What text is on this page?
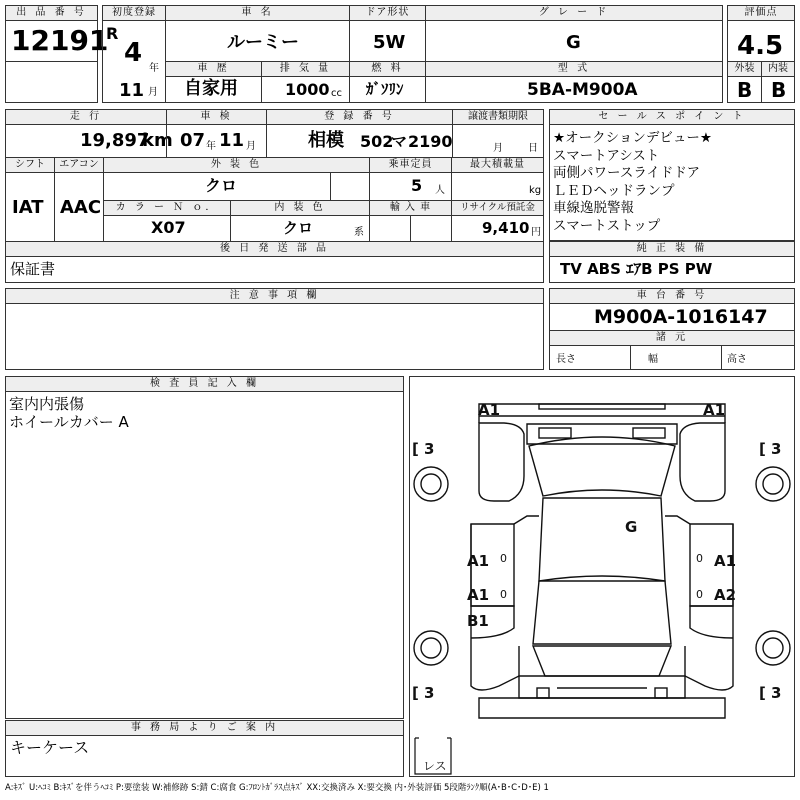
出 品 番 号
12191
初度登録
R
4
年
11 月
車 名
ルーミー
ドア形状
5W
グ レ ー ド
G
評価点
4.5
車 歴
自家用
排 気 量
1000 cc
燃 料
ｶﾞｿﾘﾝ
型 式
5BA-M900A
外装	内装
B B
走 行
19,897
km
車 検
07 年 11 月
登 録 番 号
相模 502
マ 2190
譲渡書類期限
月	日
セ ー ル ス ポ イ ン ト
★オークションデビュー★
スマートアシスト
両側パワースライドドア
ＬＥＤヘッドランプ
車線逸脱警報
スマートストップ
シフト	エアコン
IAT AAC
外 装 色
クロ
乗車定員
5 人
最大積載量
kg
カ ラ ー Ｎ ｏ．
X07
内 装 色
クロ	系
輸 入 車	リサイクル預託金
9,410 円
後 日 発 送 部 品
保証書
純 正 装 備
TV ABS ｴｱB PS PW
注 意 事 項 欄	車 台 番 号
M900A-1016147
諸 元
長さ	幅	高さ
検 査 員 記 入 欄
室内内張傷
ホイールカバー A
事 務 局 よ り ご 案 内
キーケース
[	[
[	[
3	3
3	3
レス
A1	A1
G
A1	A1
A1
B1
A2
0	0
0	0
A:ｷｽﾞ U:ﾍｺﾐ B:ｷｽﾞを伴うﾍｺﾐ P:要塗装 W:補修跡 S:錆 C:腐食 G:ﾌﾛﾝﾄｶﾞﾗｽ点ｷｽﾞ XX:交換済み X:要交換 内･外装評価 5段階ﾗﾝｸ順(A･B･C･D･E) 1
